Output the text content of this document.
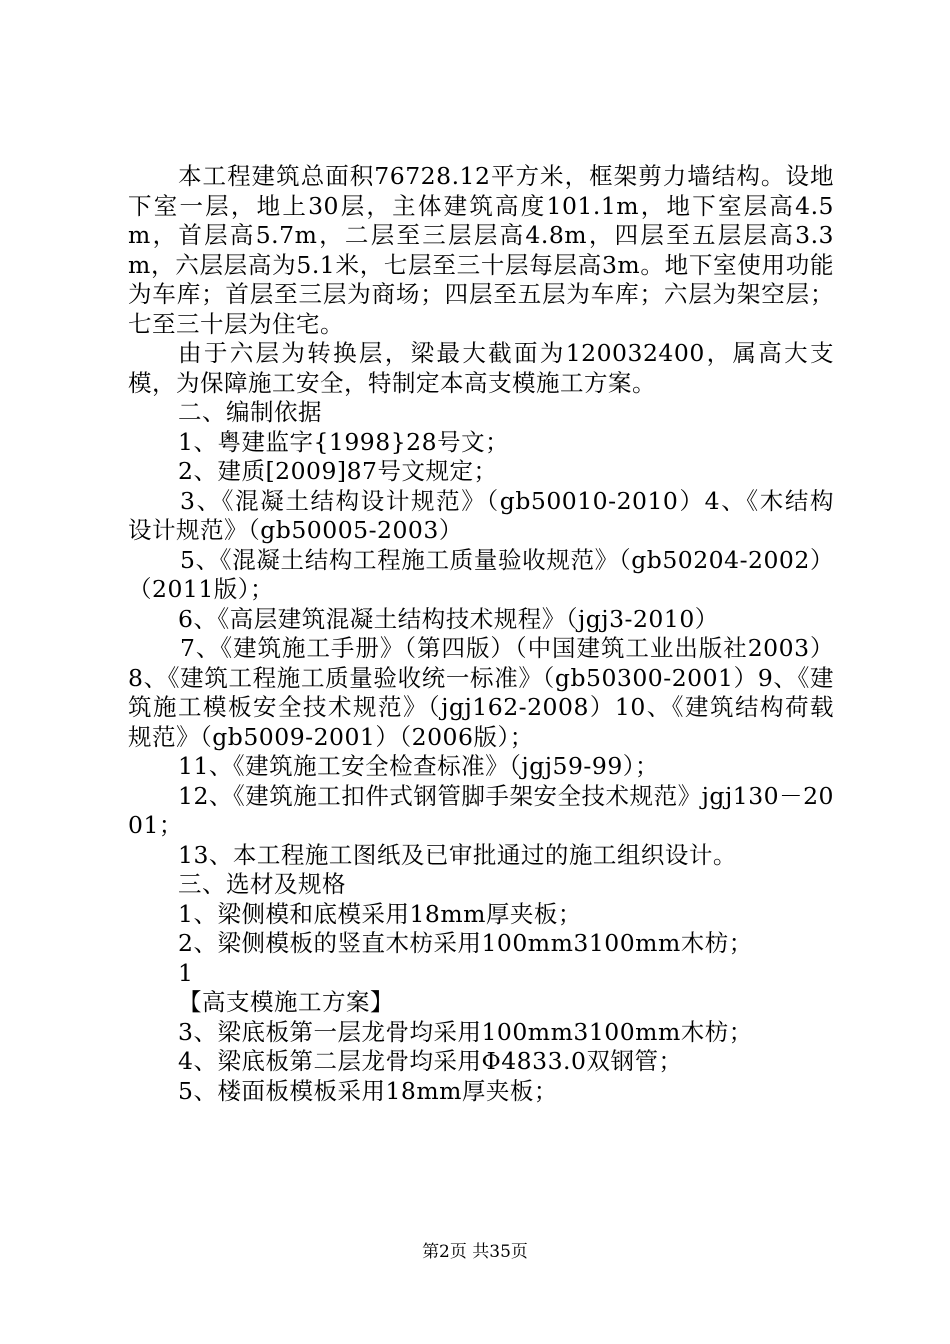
本工程建筑总面积76728.12平方米，框架剪力墙结构。设地下室一层，地上30层，主体建筑高度101.1m，地下室层高4.5m，首层高5.7m，二层至三层层高4.8m，四层至五层层高3.3m，六层层高为5.1米，七层至三十层每层高3m。地下室使用功能为车库；首层至三层为商场；四层至五层为车库；六层为架空层；七至三十层为住宅。

由于六层为转换层，梁最大截面为120032400，属高大支模，为保障施工安全，特制定本高支模施工方案。

二、编制依据

1、粤建监字{1998}28号文；

2、建质[2009]87号文规定；

3、《混凝土结构设计规范》（gb50010-2010）4、《木结构设计规范》（gb50005-2003）

5、《混凝土结构工程施工质量验收规范》（gb50204-2002）（2011版）；

6、《高层建筑混凝土结构技术规程》（jgj3-2010）

7、《建筑施工手册》（第四版）（中国建筑工业出版社2003）8、《建筑工程施工质量验收统一标准》（gb50300-2001）9、《建筑施工模板安全技术规范》（jgj162-2008）10、《建筑结构荷载规范》（gb5009-2001）（2006版）；

11、《建筑施工安全检查标准》（jgj59-99）；

12、《建筑施工扣件式钢管脚手架安全技术规范》jgj130－2001；

13、本工程施工图纸及已审批通过的施工组织设计。

三、选材及规格

1、梁侧模和底模采用18mm厚夹板；

2、梁侧模板的竖直木枋采用100mm3100mm木枋；

1

【高支模施工方案】

3、梁底板第一层龙骨均采用100mm3100mm木枋；

4、梁底板第二层龙骨均采用Φ4833.0双钢管；

5、楼面板模板采用18mm厚夹板；

第2页 共35页
